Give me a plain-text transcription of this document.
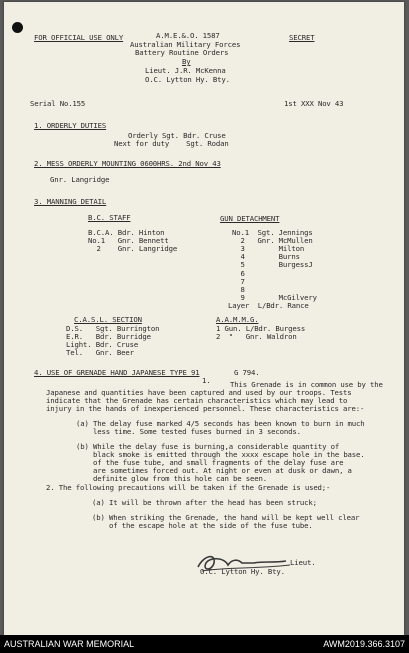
FOR OFFICIAL USE ONLY	A.M.E.&.O. 1587	SECRET
Australian Military Forces
Battery Routine Orders
By
Lieut. J.R. McKenna
O.C. Lytton Hy. Bty.
Serial No.155	1st XXX Nov 43
1. ORDERLY DUTIES
Orderly Sgt. Bdr. Cruse
Next for duty    Sgt. Rodan
2. MESS ORDERLY MOUNTING 0600HRS. 2nd Nov 43
Gnr. Langridge
3. MANNING DETAIL
B.C. STAFF
B.C.A. Bdr. Hinton
No.1   Gnr. Bennett
2    Gnr. Langridge
GUN DETACHMENT
No.1  Sgt. Jennings
2   Gnr. McMullen
3        Milton
4        Burns
5        BurgessJ
6
7
8
9        McGilvery
Layer  L/Bdr. Rance
C.A.S.L. SECTION
D.S.   Sgt. Burrington
E.R.   Bdr. Burridge
Light. Bdr. Cruse
Tel.   Gnr. Beer
A.A.M.M.G.
1 Gun. L/Bdr. Burgess
2  "   Gnr. Waldron
4. USE OF GRENADE HAND JAPANESE TYPE 91	G 794.
1.	This Grenade is in common use by the
Japanese and quantities have been captured and used by our troops. Tests
indicate that the Grenade has certain characteristics which may lead to
injury in the hands of inexperienced personnel. These characteristics are:-
(a) The delay fuse marked 4/5 seconds has been known to burn in much
less time. Some tested fuses burned in 3 seconds.
(b) While the delay fuse is burning,a considerable quantity of
black smoke is emitted through the xxxx escape hole in the base.
of the fuse tube, and small fragments of the delay fuse are
are sometimes forced out. At night or even at dusk or dawn, a
definite glow from this hole can be seen.
2. The following precautions will be taken if the Grenade is used;-
(a) It will be thrown after the head has been struck;
(b) When striking the Grenade, the hand will be kept well clear
of the escape hole at the side of the fuse tube.
Lieut.
O.C. Lytton Hy. Bty.
AUSTRALIAN WAR MEMORIAL	AWM2019.366.3107
